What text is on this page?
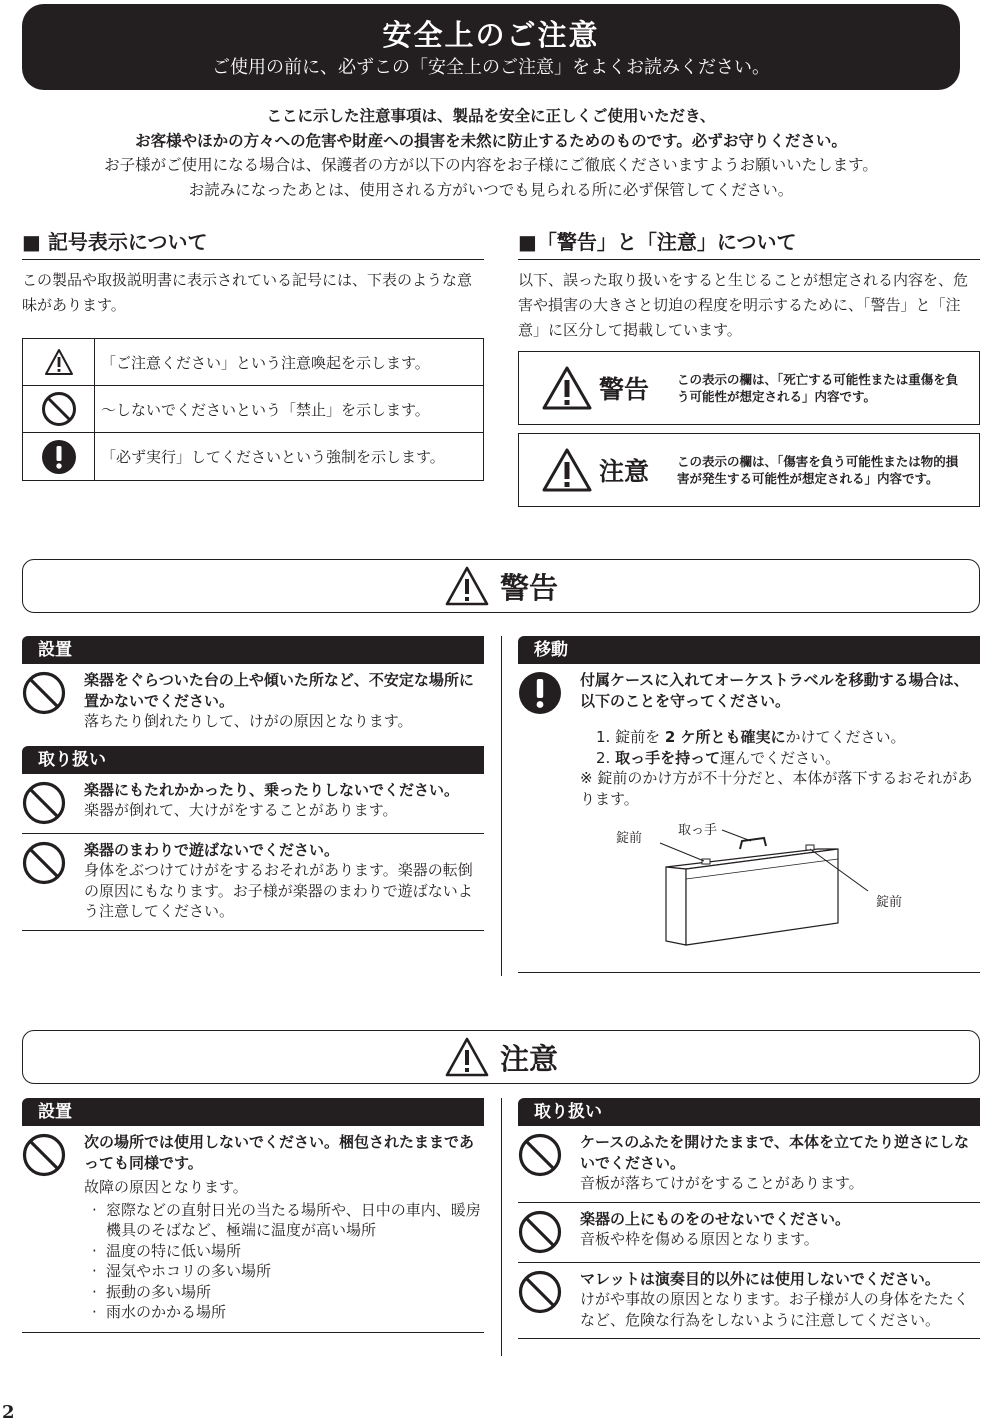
安全上のご注意
ご使用の前に、必ずこの「安全上のご注意」をよくお読みください。
ここに示した注意事項は、製品を安全に正しくご使用いただき、
お客様やほかの方々への危害や財産への損害を未然に防止するためのものです。必ずお守りください。
お子様がご使用になる場合は、保護者の方が以下の内容をお子様にご徹底くださいますようお願いいたします。
お読みになったあとは、使用される方がいつでも見られる所に必ず保管してください。
■ 記号表示について
この製品や取扱説明書に表示されている記号には、下表のような意味があります。
「ご注意ください」という注意喚起を示します。
〜しないでくださいという「禁止」を示します。
「必ず実行」してくださいという強制を示します。
■「警告」と「注意」について
以下、誤った取り扱いをすると生じることが想定される内容を、危害や損害の大きさと切迫の程度を明示するために、「警告」と「注意」に区分して掲載しています。
警告 この表示の欄は、「死亡する可能性または重傷を負う可能性が想定される」内容です。
注意 この表示の欄は、「傷害を負う可能性または物的損害が発生する可能性が想定される」内容です。
警告
設置
楽器をぐらついた台の上や傾いた所など、不安定な場所に置かないでください。
落ちたり倒れたりして、けがの原因となります。
取り扱い
楽器にもたれかかったり、乗ったりしないでください。
楽器が倒れて、大けがをすることがあります。
楽器のまわりで遊ばないでください。
身体をぶつけてけがをするおそれがあります。楽器の転倒の原因にもなります。お子様が楽器のまわりで遊ばないよう注意してください。
移動
付属ケースに入れてオーケストラベルを移動する場合は、以下のことを守ってください。
1. 錠前を 2 ケ所とも確実にかけてください。
2. 取っ手を持って運んでください。
※ 錠前のかけ方が不十分だと、本体が落下するおそれがあります。
錠前
取っ手
錠前
注意
設置
次の場所では使用しないでください。梱包されたままであっても同様です。
故障の原因となります。
· 窓際などの直射日光の当たる場所や、日中の車内、暖房機具のそばなど、極端に温度が高い場所
· 温度の特に低い場所
· 湿気やホコリの多い場所
· 振動の多い場所
· 雨水のかかる場所
取り扱い
ケースのふたを開けたままで、本体を立てたり逆さにしないでください。
音板が落ちてけがをすることがあります。
楽器の上にものをのせないでください。
音板や枠を傷める原因となります。
マレットは演奏目的以外には使用しないでください。
けがや事故の原因となります。お子様が人の身体をたたくなど、危険な行為をしないように注意してください。
2
